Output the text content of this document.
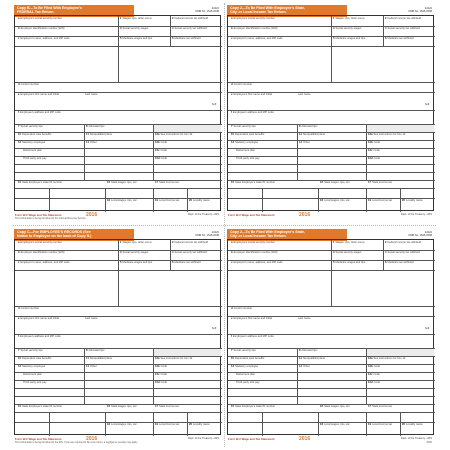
Copy B—To Be Filed With Employee's
FEDERAL Tax Return.
22222
OMB No. 1545-0008
aEmployee's social security number	1Wages, tips, other comp.	2Federal income tax withheld
bEmployer identification number (EIN)	3Social security wages	4Social security tax withheld
cEmployer's name, address, and ZIP code	5Medicare wages and tips	6Medicare tax withheld
dControl number
eEmployee's first name and initial	Last name
fEmployee's address and ZIP code
7Social security tips	8Allocated tips
10Dependent care benefits	11Nonqualified plans	12aSee instructions for box 12
13Statutory employee	14Other	12bCode
Retirement plan	12cCode
Third-party sick pay	12dCode
15State Employer's state ID number	16State wages, tips, etc.	17State income tax
18Local wages, tips, etc.	19Local income tax	20Locality name
Suff.
Form W-2 Wage and Tax Statement	2016	Dept. of the Treasury—IRS
This information is being furnished to the Internal Revenue Service.
Copy 2—To Be Filed With Employee's State,
City, or Local Income Tax Return.
22222
OMB No. 1545-0008
aEmployee's social security number	1Wages, tips, other comp.	2Federal income tax withheld
bEmployer identification number (EIN)	3Social security wages	4Social security tax withheld
cEmployer's name, address, and ZIP code	5Medicare wages and tips	6Medicare tax withheld
dControl number
eEmployee's first name and initial	Last name
fEmployee's address and ZIP code
7Social security tips	8Allocated tips
10Dependent care benefits	11Nonqualified plans	12aSee instructions for box 12
13Statutory employee	14Other	12bCode
Retirement plan	12cCode
Third-party sick pay	12dCode
15State Employer's state ID number	16State wages, tips, etc.	17State income tax
18Local wages, tips, etc.	19Local income tax	20Locality name
Suff.
Form W-2 Wage and Tax Statement	2016	Dept. of the Treasury—IRS
Copy C—For EMPLOYEE'S RECORDS (See
Notice to Employee on the back of Copy B.)
22222
OMB No. 1545-0008
aEmployee's social security number	1Wages, tips, other comp.	2Federal income tax withheld
bEmployer identification number (EIN)	3Social security wages	4Social security tax withheld
cEmployer's name, address, and ZIP code	5Medicare wages and tips	6Medicare tax withheld
dControl number
eEmployee's first name and initial	Last name
fEmployee's address and ZIP code
7Social security tips	8Allocated tips
10Dependent care benefits	11Nonqualified plans	12aSee instructions for box 12
13Statutory employee	14Other	12bCode
Retirement plan	12cCode
Third-party sick pay	12dCode
15State Employer's state ID number	16State wages, tips, etc.	17State income tax
18Local wages, tips, etc.	19Local income tax	20Locality name
Suff.
Form W-2 Wage and Tax Statement	2016	Dept. of the Treasury—IRS
This information is being furnished to the IRS. If you are required to file a tax return, a negligence penalty may apply.
Copy 2—To Be Filed With Employee's State,
City, or Local Income Tax Return.
22222
OMB No. 1545-0008
aEmployee's social security number	1Wages, tips, other comp.	2Federal income tax withheld
bEmployer identification number (EIN)	3Social security wages	4Social security tax withheld
cEmployer's name, address, and ZIP code	5Medicare wages and tips	6Medicare tax withheld
dControl number
eEmployee's first name and initial	Last name
fEmployee's address and ZIP code
7Social security tips	8Allocated tips
10Dependent care benefits	11Nonqualified plans	12aSee instructions for box 12
13Statutory employee	14Other	12bCode
Retirement plan	12cCode
Third-party sick pay	12dCode
15State Employer's state ID number	16State wages, tips, etc.	17State income tax
18Local wages, tips, etc.	19Local income tax	20Locality name
Suff.
Form W-2 Wage and Tax Statement	2016	Dept. of the Treasury—IRS
5220
